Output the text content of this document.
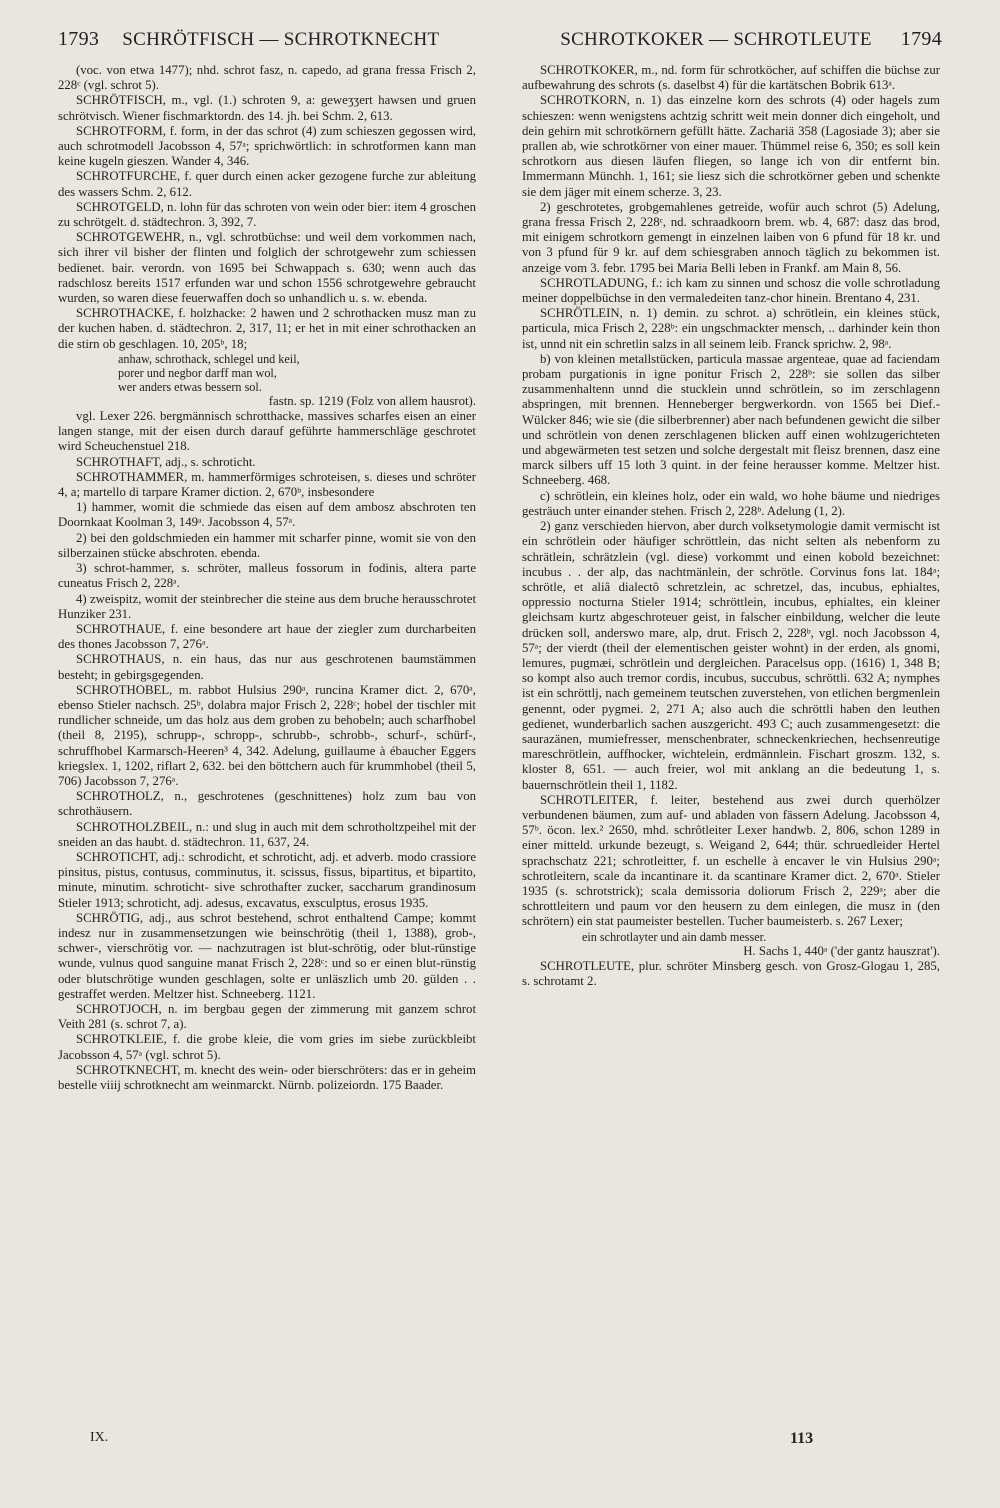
1793 SCHRÖTFISCH — SCHROTKNECHT	SCHROTKOKER — SCHROTLEUTE 1794

(voc. von etwa 1477); nhd. schrot fasz, n. capedo, ad grana fressa Frisch 2, 228ᶜ (vgl. schrot 5).

SCHRÖTFISCH, m., vgl. (1.) schroten 9, a: geweʒʒert hawsen und gruen schrötvisch. Wiener fischmarktordn. des 14. jh. bei Schm. 2, 613.

SCHROTFORM, f. form, in der das schrot (4) zum schieszen gegossen wird, auch schrotmodell Jacobsson 4, 57ᵃ; sprichwörtlich: in schrotformen kann man keine kugeln gieszen. Wander 4, 346.

SCHROTFURCHE, f. quer durch einen acker gezogene furche zur ableitung des wassers Schm. 2, 612.

SCHROTGELD, n. lohn für das schroten von wein oder bier: item 4 groschen zu schrötgelt. d. städtechron. 3, 392, 7.

SCHROTGEWEHR, n., vgl. schrotbüchse: und weil dem vorkommen nach, sich ihrer vil bisher der flinten und folglich der schrotgewehr zum schiessen bedienet. bair. verordn. von 1695 bei Schwappach s. 630; wenn auch das radschlosz bereits 1517 erfunden war und schon 1556 schrotgewehre gebraucht wurden, so waren diese feuerwaffen doch so unhandlich u. s. w. ebenda.

SCHROTHACKE, f. holzhacke: 2 hawen und 2 schrothacken musz man zu der kuchen haben. d. städtechron. 2, 317, 11; er het in mit einer schrothacken an die stirn ob geschlagen. 10, 205ᵇ, 18;

anhaw, schrothack, schlegel und keil,

porer und negbor darff man wol,

wer anders etwas bessern sol.

fastn. sp. 1219 (Folz von allem hausrot).

vgl. Lexer 226. bergmännisch schrotthacke, massives scharfes eisen an einer langen stange, mit der eisen durch darauf geführte hammerschläge geschrotet wird Scheuchenstuel 218.

SCHROTHAFT, adj., s. schroticht.

SCHROTHAMMER, m. hammerförmiges schroteisen, s. dieses und schröter 4, a; martello di tarpare Kramer diction. 2, 670ᵇ, insbesondere

1) hammer, womit die schmiede das eisen auf dem ambosz abschroten ten Doornkaat Koolman 3, 149ᵃ. Jacobsson 4, 57ᵃ.

2) bei den goldschmieden ein hammer mit scharfer pinne, womit sie von den silberzainen stücke abschroten. ebenda.

3) schrot-hammer, s. schröter, malleus fossorum in fodinis, altera parte cuneatus Frisch 2, 228ᵃ.

4) zweispitz, womit der steinbrecher die steine aus dem bruche herausschrotet Hunziker 231.

SCHROTHAUE, f. eine besondere art haue der ziegler zum durcharbeiten des thones Jacobsson 7, 276ᵃ.

SCHROTHAUS, n. ein haus, das nur aus geschrotenen baumstämmen besteht; in gebirgsgegenden.

SCHROTHOBEL, m. rabbot Hulsius 290ᵃ, runcina Kramer dict. 2, 670ᵃ, ebenso Stieler nachsch. 25ᵇ, dolabra major Frisch 2, 228ᶜ; hobel der tischler mit rundlicher schneide, um das holz aus dem groben zu behobeln; auch scharfhobel (theil 8, 2195), schrupp-, schropp-, schrubb-, schrobb-, schurf-, schürf-, schruffhobel Karmarsch-Heeren³ 4, 342. Adelung, guillaume à ébaucher Eggers kriegslex. 1, 1202, riflart 2, 632. bei den böttchern auch für krummhobel (theil 5, 706) Jacobsson 7, 276ᵃ.

SCHROTHOLZ, n., geschrotenes (geschnittenes) holz zum bau von schrothäusern.

SCHROTHOLZBEIL, n.: und slug in auch mit dem schrotholtzpeihel mit der sneiden an das haubt. d. städtechron. 11, 637, 24.

SCHROTICHT, adj.: schrodicht, et schroticht, adj. et adverb. modo crassiore pinsitus, pistus, contusus, comminutus, it. scissus, fissus, bipartitus, et bipartito, minute, minutim. schroticht- sive schrothafter zucker, saccharum grandinosum Stieler 1913; schroticht, adj. adesus, excavatus, exsculptus, erosus 1935.

SCHRÖTIG, adj., aus schrot bestehend, schrot enthaltend Campe; kommt indesz nur in zusammensetzungen wie beinschrötig (theil 1, 1388), grob-, schwer-, vierschrötig vor. — nachzutragen ist blut-schrötig, oder blut-rünstige wunde, vulnus quod sanguine manat Frisch 2, 228ᶜ: und so er einen blut-rünstig oder blutschrötige wunden geschlagen, solte er unläszlich umb 20. gülden . . gestraffet werden. Meltzer hist. Schneeberg. 1121.

SCHROTJOCH, n. im bergbau gegen der zimmerung mit ganzem schrot Veith 281 (s. schrot 7, a).

SCHROTKLEIE, f. die grobe kleie, die vom gries im siebe zurückbleibt Jacobsson 4, 57ᵃ (vgl. schrot 5).

SCHROTKNECHT, m. knecht des wein- oder bierschröters: das er in geheim bestelle viiij schrotknecht am weinmarckt. Nürnb. polizeiordn. 175 Baader.

SCHROTKOKER, m., nd. form für schrotköcher, auf schiffen die büchse zur aufbewahrung des schrots (s. daselbst 4) für die kartätschen Bobrik 613ᵃ.

SCHROTKORN, n. 1) das einzelne korn des schrots (4) oder hagels zum schieszen: wenn wenigstens achtzig schritt weit mein donner dich eingeholt, und dein gehirn mit schrotkörnern gefüllt hätte. Zachariä 358 (Lagosiade 3); aber sie prallen ab, wie schrotkörner von einer mauer. Thümmel reise 6, 350; es soll kein schrotkorn aus diesen läufen fliegen, so lange ich von dir entfernt bin. Immermann Münchh. 1, 161; sie liesz sich die schrotkörner geben und schenkte sie dem jäger mit einem scherze. 3, 23.

2) geschrotetes, grobgemahlenes getreide, wofür auch schrot (5) Adelung, grana fressa Frisch 2, 228ᶜ, nd. schraadkoorn brem. wb. 4, 687: dasz das brod, mit einigem schrotkorn gemengt in einzelnen laiben von 6 pfund für 18 kr. und von 3 pfund für 9 kr. auf dem schiesgraben annoch täglich zu bekommen ist. anzeige vom 3. febr. 1795 bei Maria Belli leben in Frankf. am Main 8, 56.

SCHROTLADUNG, f.: ich kam zu sinnen und schosz die volle schrotladung meiner doppelbüchse in den vermaledeiten tanz-chor hinein. Brentano 4, 231.

SCHRÖTLEIN, n. 1) demin. zu schrot. a) schrötlein, ein kleines stück, particula, mica Frisch 2, 228ᵇ: ein ungschmackter mensch, .. darhinder kein thon ist, unnd nit ein schretlin salzs in all seinem leib. Franck sprichw. 2, 98ᵃ.

b) von kleinen metallstücken, particula massae argenteae, quae ad faciendam probam purgationis in igne ponitur Frisch 2, 228ᵇ: sie sollen das silber zusammenhaltenn unnd die stucklein unnd schrötlein, so im zerschlagenn abspringen, mit brennen. Henneberger bergwerkordn. von 1565 bei Dief.-Wülcker 846; wie sie (die silberbrenner) aber nach befundenen gewicht die silber und schrötlein von denen zerschlagenen blicken auff einen wohlzugerichteten und abgewärmeten test setzen und solche dergestalt mit fleisz brennen, dasz eine marck silbers uff 15 loth 3 quint. in der feine herausser komme. Meltzer hist. Schneeberg. 468.

c) schrötlein, ein kleines holz, oder ein wald, wo hohe bäume und niedriges gesträuch unter einander stehen. Frisch 2, 228ᵇ. Adelung (1, 2).

2) ganz verschieden hiervon, aber durch volksetymologie damit vermischt ist ein schrötlein oder häufiger schröttlein, das nicht selten als nebenform zu schrätlein, schrätzlein (vgl. diese) vorkommt und einen kobold bezeichnet: incubus . . der alp, das nachtmänlein, der schrötle. Corvinus fons lat. 184ᵃ; schrötle, et aliâ dialectô schretzlein, ac schretzel, das, incubus, ephialtes, oppressio nocturna Stieler 1914; schröttlein, incubus, ephialtes, ein kleiner gleichsam kurtz abgeschroteuer geist, in falscher einbildung, welcher die leute drücken soll, anderswo mare, alp, drut. Frisch 2, 228ᵇ, vgl. noch Jacobsson 4, 57ᵃ; der vierdt (theil der elementischen geister wohnt) in der erden, als gnomi, lemures, pugmæi, schrötlein und dergleichen. Paracelsus opp. (1616) 1, 348 B; so kompt also auch tremor cordis, incubus, succubus, schröttli. 632 A; nymphes ist ein schröttlj, nach gemeinem teutschen zuverstehen, von etlichen bergmenlein genennt, oder pygmei. 2, 271 A; also auch die schröttli haben den leuthen gedienet, wunderbarlich sachen auszgericht. 493 C; auch zusammengesetzt: die saurazänen, mumiefresser, menschenbrater, schneckenkriechen, hechsenreutige mareschrötlein, auffhocker, wichtelein, erdmännlein. Fischart groszm. 132, s. kloster 8, 651. — auch freier, wol mit anklang an die bedeutung 1, s. bauernschrötlein theil 1, 1182.

SCHROTLEITER, f. leiter, bestehend aus zwei durch querhölzer verbundenen bäumen, zum auf- und abladen von fässern Adelung. Jacobsson 4, 57ᵇ. öcon. lex.² 2650, mhd. schrôtleiter Lexer handwb. 2, 806, schon 1289 in einer mitteld. urkunde bezeugt, s. Weigand 2, 644; thür. schruedleider Hertel sprachschatz 221; schrotleitter, f. un eschelle à encaver le vin Hulsius 290ᵃ; schrotleitern, scale da incantinare it. da scantinare Kramer dict. 2, 670ᵃ. Stieler 1935 (s. schrotstrick); scala demissoria doliorum Frisch 2, 229ᵃ; aber die schrottleitern und paum vor den heusern zu dem einlegen, die musz in (den schrötern) ein stat paumeister bestellen. Tucher baumeisterb. s. 267 Lexer;

ein schrotlayter und ain damb messer.

H. Sachs 1, 440ᵃ ('der gantz hauszrat').

SCHROTLEUTE, plur. schröter Minsberg gesch. von Grosz-Glogau 1, 285, s. schrotamt 2.

IX.	113
